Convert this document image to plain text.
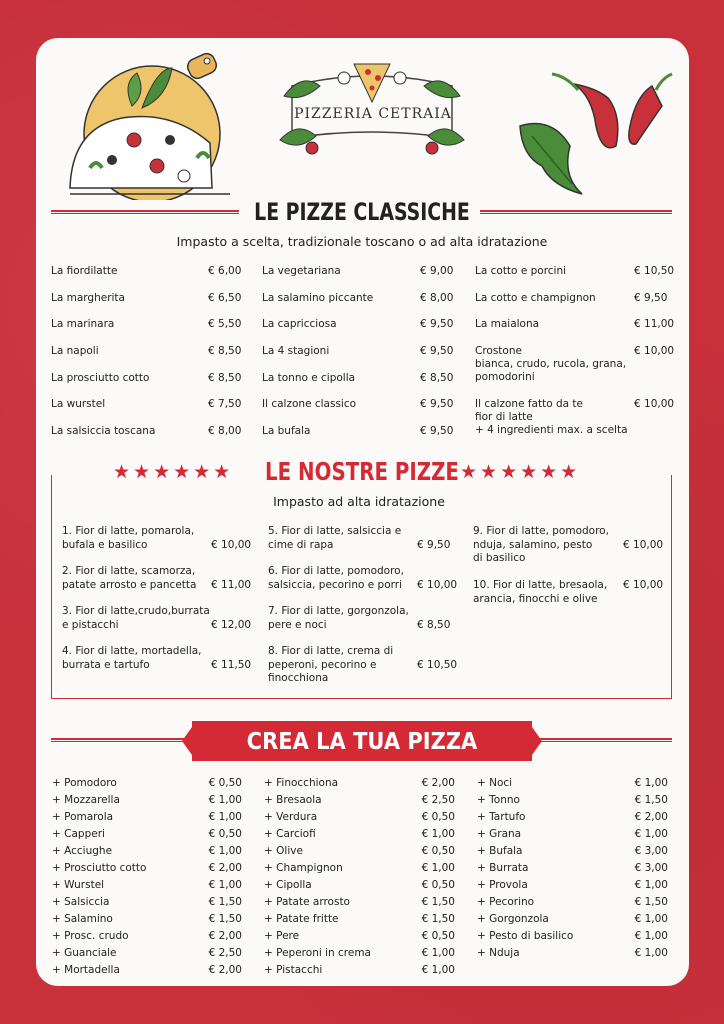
PIZZERIA CETRAIA
LE PIZZE CLASSICHE
Impasto a scelta, tradizionale toscano o ad alta idratazione
La fiordilatte	€ 6,00
La margherita	€ 6,50
La marinara	€ 5,50
La napoli	€ 8,50
La prosciutto cotto	€ 8,50
La wurstel	€ 7,50
La salsiccia toscana	€ 8,00
La vegetariana	€ 9,00
La salamino piccante	€ 8,00
La capricciosa	€ 9,50
La 4 stagioni	€ 9,50
La tonno e cipolla	€ 8,50
Il calzone classico	€ 9,50
La bufala	€ 9,50
La cotto e porcini	€ 10,50
La cotto e champignon	€ 9,50
La maialona	€ 11,00
Crostone	€ 10,00
bianca, crudo, rucola, grana,
pomodorini
Il calzone fatto da te	€ 10,00
fior di latte
+ 4 ingredienti max. a scelta
★★★★★★	★★★★★★
LE NOSTRE PIZZE
Impasto ad alta idratazione
1. Fior di latte, pomarola,
bufala e basilico	€ 10,00
2. Fior di latte, scamorza,
patate arrosto e pancetta € 11,00
3. Fior di latte,crudo,burrata
e pistacchi	€ 12,00
4. Fior di latte, mortadella,
burrata e tartufo	€ 11,50
5. Fior di latte, salsiccia e
cime di rapa	€ 9,50
6. Fior di latte, pomodoro,
salsiccia, pecorino e porri € 10,00
7. Fior di latte, gorgonzola,
pere e noci	€ 8,50
8. Fior di latte, crema di
peperoni, pecorino e
finocchiona
€ 10,50
9. Fior di latte, pomodoro,
nduja, salamino, pesto
di basilico
€ 10,00
10. Fior di latte, bresaola,
arancia, finocchi e olive
€ 10,00
CREA LA TUA PIZZA
+ Pomodoro	€ 0,50
+ Mozzarella	€ 1,00
+ Pomarola	€ 1,00
+ Capperi	€ 0,50
+ Acciughe	€ 1,00
+ Prosciutto cotto	€ 2,00
+ Wurstel	€ 1,00
+ Salsiccia	€ 1,50
+ Salamino	€ 1,50
+ Prosc. crudo	€ 2,00
+ Guanciale	€ 2,50
+ Mortadella	€ 2,00
+ Finocchiona	€ 2,00
+ Bresaola	€ 2,50
+ Verdura	€ 0,50
+ Carciofi	€ 1,00
+ Olive	€ 0,50
+ Champignon	€ 1,00
+ Cipolla	€ 0,50
+ Patate arrosto	€ 1,50
+ Patate fritte	€ 1,50
+ Pere	€ 0,50
+ Peperoni in crema	€ 1,00
+ Pistacchi	€ 1,00
+ Noci	€ 1,00
+ Tonno	€ 1,50
+ Tartufo	€ 2,00
+ Grana	€ 1,00
+ Bufala	€ 3,00
+ Burrata	€ 3,00
+ Provola	€ 1,00
+ Pecorino	€ 1,50
+ Gorgonzola	€ 1,00
+ Pesto di basilico	€ 1,00
+ Nduja	€ 1,00
